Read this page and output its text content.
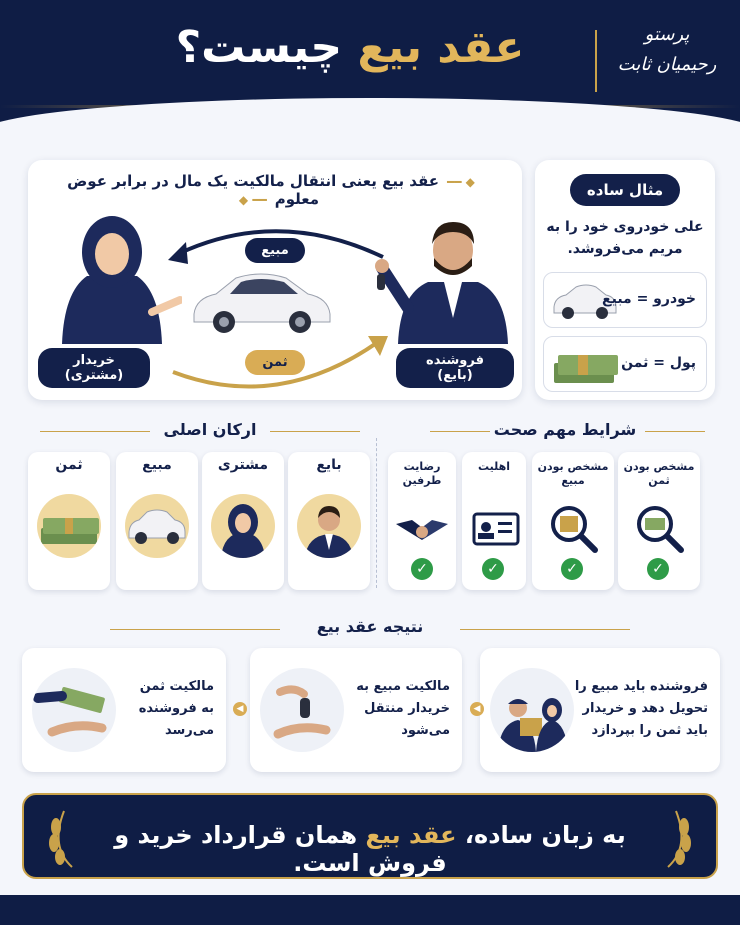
عقد بیع چیست؟	پرستو رحیمیان ثابت
◆ ━━عقد بیع یعنی انتقال مالکیت یک مال در برابر عوض معلوم━━ ◆
مبیع
ثمن
خریدار (مشتری)
فروشنده (بایع)
مثال ساده
علی خودروی خود را به مریم می‌فروشد.
خودرو = مبیع
پول = ثمن
شرایط مهم صحت
ارکان اصلی
مشخص بودن ثمن
✓
مشخص بودن مبیع
✓
اهلیت
✓
رضایت طرفین
✓
بایع
مشتری
مبیع
ثمن
نتیجه عقد بیع
فروشنده باید مبیع را تحویل دهد و خریدار باید ثمن را بپردازد
◀
مالکیت مبیع به خریدار منتقل می‌شود
◀
مالکیت ثمن به فروشنده می‌رسد
به زبان ساده، عقد بیع همان قرارداد خرید و فروش است.
